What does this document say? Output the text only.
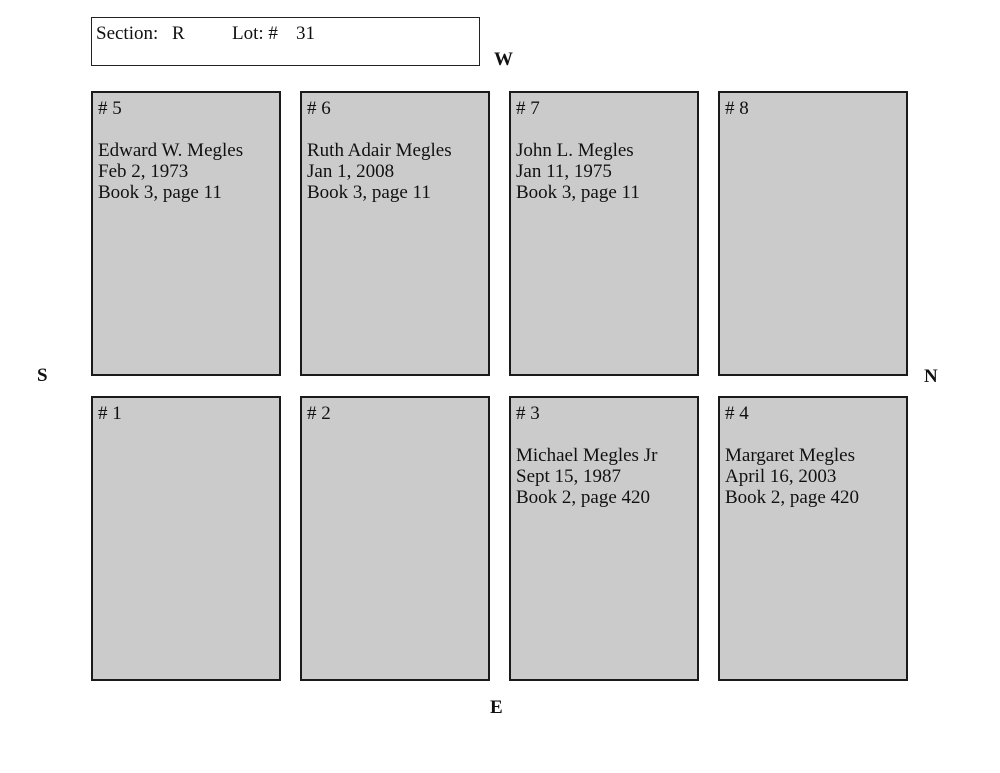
Section: R Lot: # 31
W
S	N
E
# 5
Edward W. Megles
Feb 2, 1973
Book 3, page 11
# 6
Ruth Adair Megles
Jan 1, 2008
Book 3, page 11
# 7
John L. Megles
Jan 11, 1975
Book 3, page 11
# 8
# 1	# 2	# 3
Michael Megles Jr
Sept 15, 1987
Book 2, page 420
# 4
Margaret Megles
April 16, 2003
Book 2, page 420
